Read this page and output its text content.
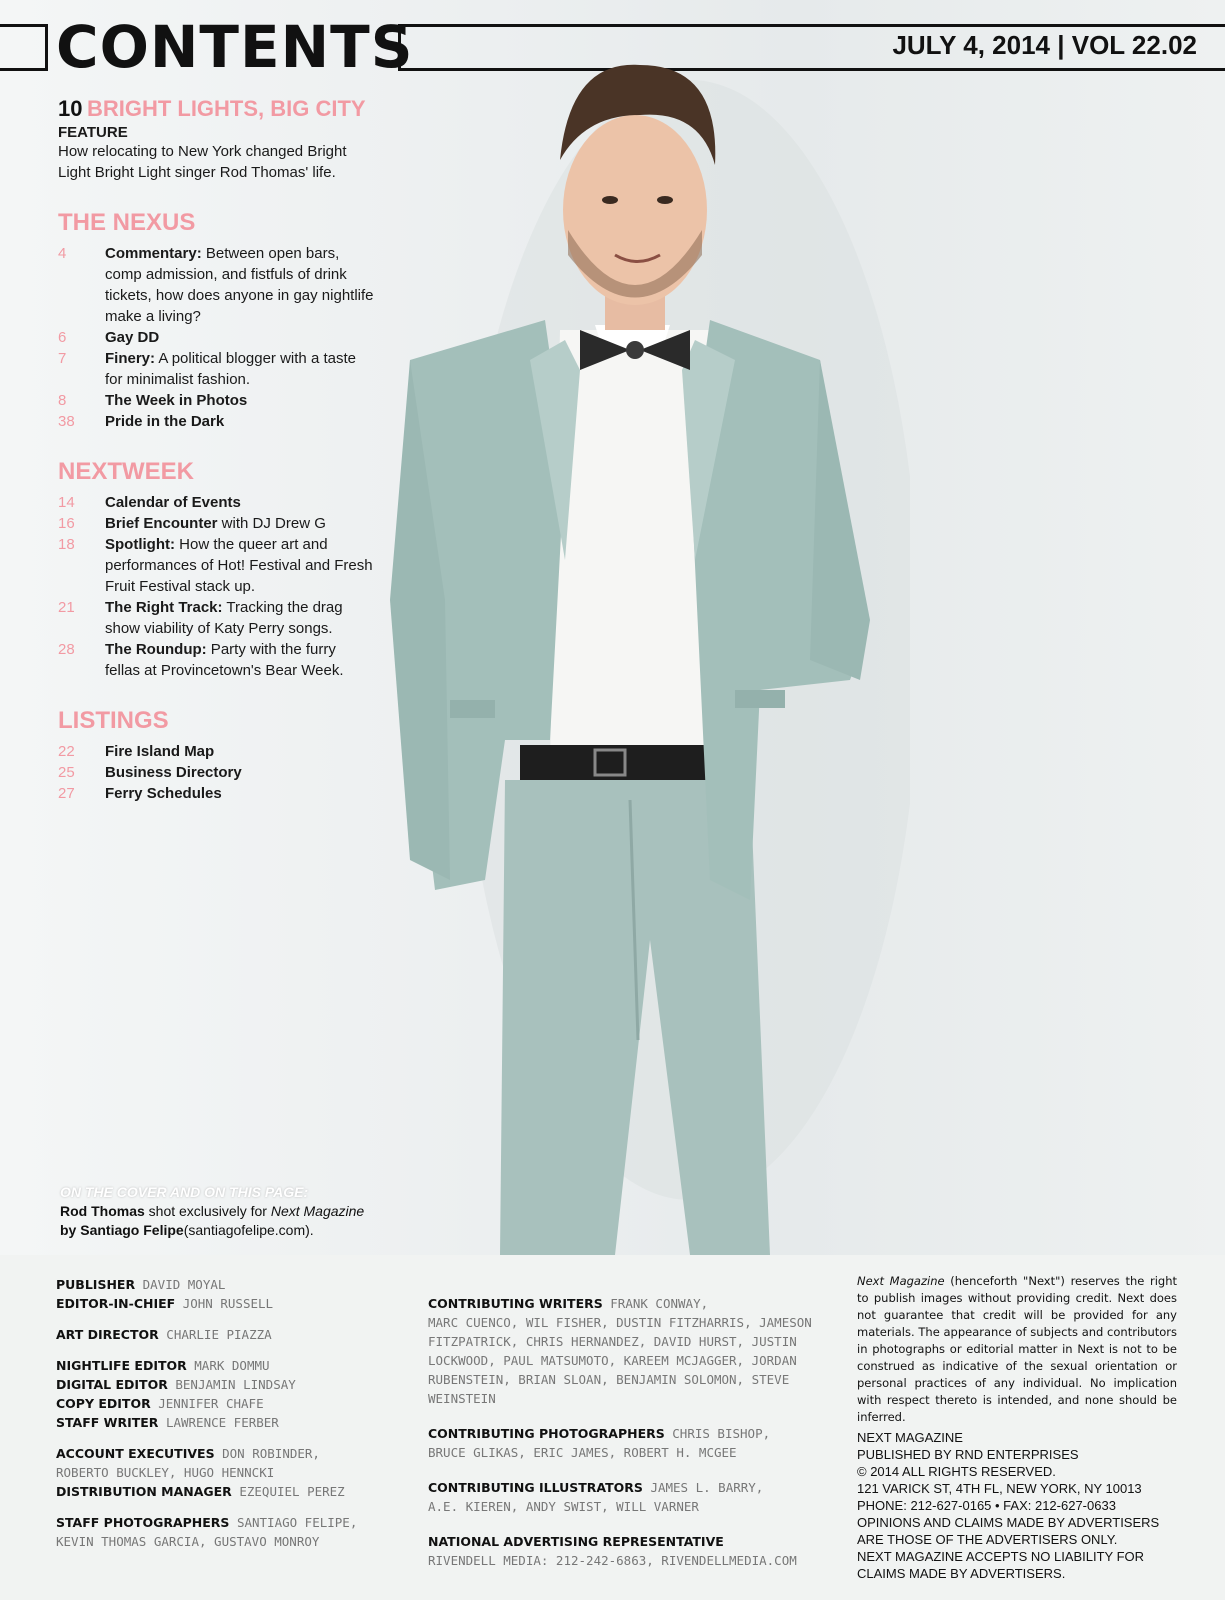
CONTENTS	JULY 4, 2014 | VOL 22.02
10 BRIGHT LIGHTS, BIG CITY
FEATURE
How relocating to New York changed Bright Light Bright Light singer Rod Thomas' life.
THE NEXUS
4	Commentary: Between open bars, comp admission, and fistfuls of drink tickets, how does anyone in gay nightlife make a living?
6	Gay DD
7	Finery: A political blogger with a taste for minimalist fashion.
8	The Week in Photos
38	Pride in the Dark
NEXTWEEK
14	Calendar of Events
16	Brief Encounter with DJ Drew G
18	Spotlight: How the queer art and performances of Hot! Festival and Fresh Fruit Festival stack up.
21	The Right Track: Tracking the drag show viability of Katy Perry songs.
28	The Roundup: Party with the furry fellas at Provincetown's Bear Week.
LISTINGS
22	Fire Island Map
25	Business Directory
27	Ferry Schedules
ON THE COVER AND ON THIS PAGE:
Rod Thomas shot exclusively for Next Magazine
by Santiago Felipe(santiagofelipe.com).
PUBLISHER DAVID MOYAL
EDITOR-IN-CHIEF JOHN RUSSELL
ART DIRECTOR CHARLIE PIAZZA
NIGHTLIFE EDITOR MARK DOMMU
DIGITAL EDITOR BENJAMIN LINDSAY
COPY EDITOR JENNIFER CHAFE
STAFF WRITER LAWRENCE FERBER
ACCOUNT EXECUTIVES DON ROBINDER,
ROBERTO BUCKLEY, HUGO HENNCKI
DISTRIBUTION MANAGER EZEQUIEL PEREZ
STAFF PHOTOGRAPHERS SANTIAGO FELIPE,
KEVIN THOMAS GARCIA, GUSTAVO MONROY
CONTRIBUTING WRITERS FRANK CONWAY,
MARC CUENCO, WIL FISHER, DUSTIN FITZHARRIS, JAMESON FITZPATRICK, CHRIS HERNANDEZ, DAVID HURST, JUSTIN LOCKWOOD, PAUL MATSUMOTO, KAREEM MCJAGGER, JORDAN RUBENSTEIN, BRIAN SLOAN, BENJAMIN SOLOMON, STEVE WEINSTEIN
CONTRIBUTING PHOTOGRAPHERS CHRIS BISHOP,
BRUCE GLIKAS, ERIC JAMES, ROBERT H. MCGEE
CONTRIBUTING ILLUSTRATORS JAMES L. BARRY,
A.E. KIEREN, ANDY SWIST, WILL VARNER
NATIONAL ADVERTISING REPRESENTATIVE
RIVENDELL MEDIA: 212-242-6863, RIVENDELLMEDIA.COM
Next Magazine (henceforth "Next") reserves the right to publish images without providing credit. Next does not guarantee that credit will be provided for any materials. The appearance of subjects and contributors in photographs or editorial matter in Next is not to be construed as indicative of the sexual orientation or personal practices of any individual. No implication with respect thereto is intended, and none should be inferred.
NEXT MAGAZINE
PUBLISHED BY RND ENTERPRISES
© 2014 ALL RIGHTS RESERVED.
121 VARICK ST, 4TH FL, NEW YORK, NY 10013
PHONE: 212-627-0165 • FAX: 212-627-0633
OPINIONS AND CLAIMS MADE BY ADVERTISERS
ARE THOSE OF THE ADVERTISERS ONLY.
NEXT MAGAZINE ACCEPTS NO LIABILITY FOR
CLAIMS MADE BY ADVERTISERS.
